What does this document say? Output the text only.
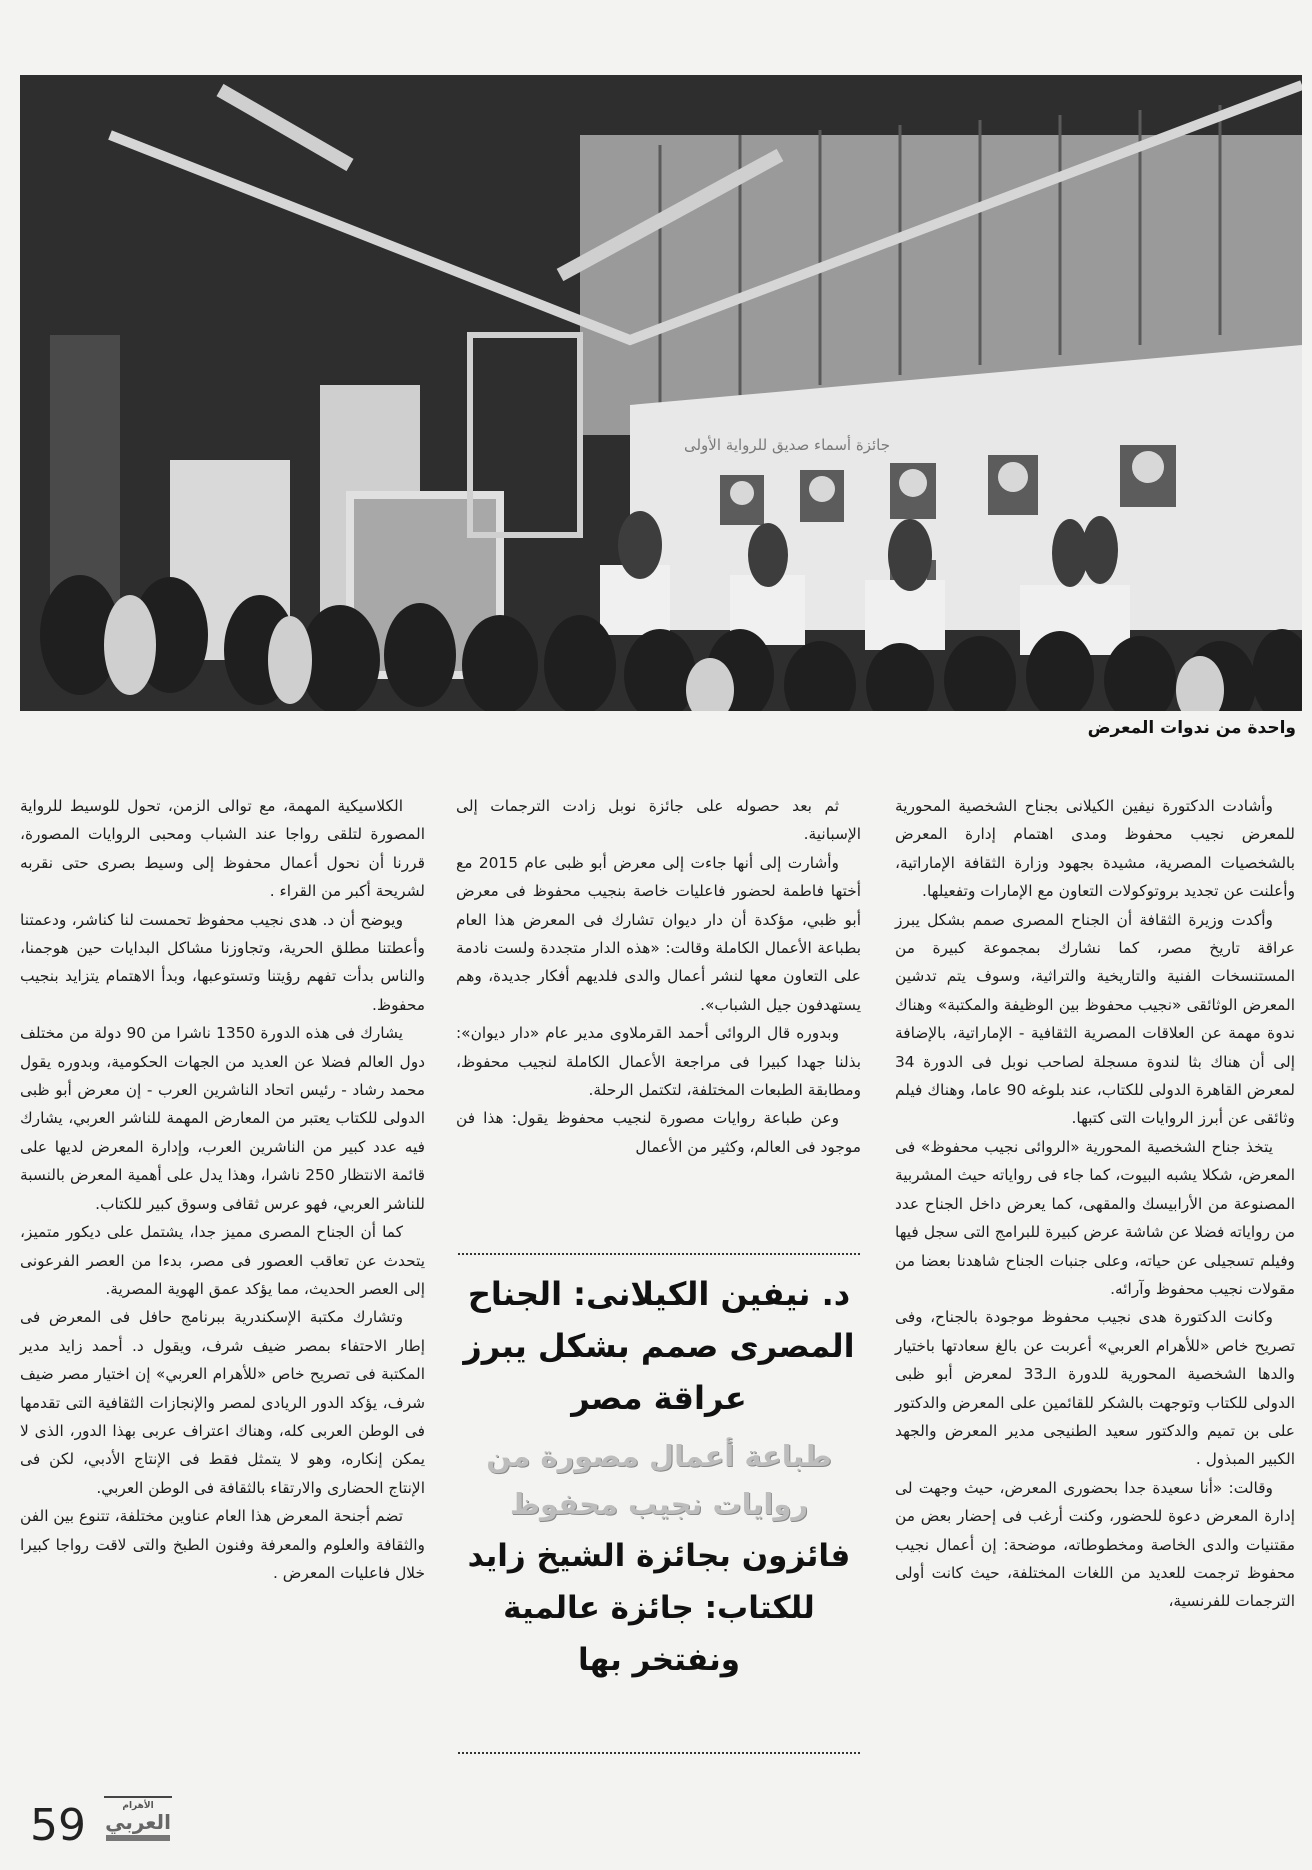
جائزة أسماء صديق للرواية الأولى
واحدة من ندوات المعرض

وأشادت الدكتورة نيفين الكيلانى بجناح الشخصية المحورية للمعرض نجيب محفوظ ومدى اهتمام إدارة المعرض بالشخصيات المصرية، مشيدة بجهود وزارة الثقافة الإماراتية، وأعلنت عن تجديد بروتوكولات التعاون مع الإمارات وتفعيلها.

وأكدت وزيرة الثقافة أن الجناح المصرى صمم بشكل يبرز عراقة تاريخ مصر، كما نشارك بمجموعة كبيرة من المستنسخات الفنية والتاريخية والتراثية، وسوف يتم تدشين المعرض الوثائقى «نجيب محفوظ بين الوظيفة والمكتبة» وهناك ندوة مهمة عن العلاقات المصرية الثقافية - الإماراتية، بالإضافة إلى أن هناك بثا لندوة مسجلة لصاحب نوبل فى الدورة 34 لمعرض القاهرة الدولى للكتاب، عند بلوغه 90 عاما، وهناك فيلم وثائقى عن أبرز الروايات التى كتبها.

يتخذ جناح الشخصية المحورية «الروائى نجيب محفوظ» فى المعرض، شكلا يشبه البيوت، كما جاء فى رواياته حيث المشربية المصنوعة من الأرابيسك والمقهى، كما يعرض داخل الجناح عدد من رواياته فضلا عن شاشة عرض كبيرة للبرامج التى سجل فيها وفيلم تسجيلى عن حياته، وعلى جنبات الجناح شاهدنا بعضا من مقولات نجيب محفوظ وآرائه.

وكانت الدكتورة هدى نجيب محفوظ موجودة بالجناح، وفى تصريح خاص «للأهرام العربي» أعربت عن بالغ سعادتها باختيار والدها الشخصية المحورية للدورة الـ33 لمعرض أبو ظبى الدولى للكتاب وتوجهت بالشكر للقائمين على المعرض والدكتور على بن تميم والدكتور سعيد الطنيجى مدير المعرض والجهد الكبير المبذول .

وقالت: «أنا سعيدة جدا بحضورى المعرض، حيث وجهت لى إدارة المعرض دعوة للحضور، وكنت أرغب فى إحضار بعض من مقتنيات والدى الخاصة ومخطوطاته، موضحة: إن أعمال نجيب محفوظ ترجمت للعديد من اللغات المختلفة، حيث كانت أولى الترجمات للفرنسية،

ثم بعد حصوله على جائزة نوبل زادت الترجمات إلى الإسبانية.

وأشارت إلى أنها جاءت إلى معرض أبو ظبى عام 2015 مع أختها فاطمة لحضور فاعليات خاصة بنجيب محفوظ فى معرض أبو ظبي، مؤكدة أن دار ديوان تشارك فى المعرض هذا العام بطباعة الأعمال الكاملة وقالت: «هذه الدار متجددة ولست نادمة على التعاون معها لنشر أعمال والدى فلديهم أفكار جديدة، وهم يستهدفون جيل الشباب».

وبدوره قال الروائى أحمد القرملاوى مدير عام «دار ديوان»: بذلنا جهدا كبيرا فى مراجعة الأعمال الكاملة لنجيب محفوظ، ومطابقة الطبعات المختلفة، لتكتمل الرحلة.

وعن طباعة روايات مصورة لنجيب محفوظ يقول: هذا فن موجود فى العالم، وكثير من الأعمال

د. نيفين الكيلانى: الجناح المصرى صمم بشكل يبرز عراقة مصر
طباعة أعمال مصورة من روايات نجيب محفوظ
فائزون بجائزة الشيخ زايد للكتاب: جائزة عالمية ونفتخر بها

الكلاسيكية المهمة، مع توالى الزمن، تحول للوسيط للرواية المصورة لتلقى رواجا عند الشباب ومحبى الروايات المصورة، قررنا أن نحول أعمال محفوظ إلى وسيط بصرى حتى نقربه لشريحة أكبر من القراء .

ويوضح أن د. هدى نجيب محفوظ تحمست لنا كناشر، ودعمتنا وأعطتنا مطلق الحرية، وتجاوزنا مشاكل البدايات حين هوجمنا، والناس بدأت تفهم رؤيتنا وتستوعبها، وبدأ الاهتمام يتزايد بنجيب محفوظ.

يشارك فى هذه الدورة 1350 ناشرا من 90 دولة من مختلف دول العالم فضلا عن العديد من الجهات الحكومية، وبدوره يقول محمد رشاد - رئيس اتحاد الناشرين العرب - إن معرض أبو ظبى الدولى للكتاب يعتبر من المعارض المهمة للناشر العربي، يشارك فيه عدد كبير من الناشرين العرب، وإدارة المعرض لديها على قائمة الانتظار 250 ناشرا، وهذا يدل على أهمية المعرض بالنسبة للناشر العربي، فهو عرس ثقافى وسوق كبير للكتاب.

كما أن الجناح المصرى مميز جدا، يشتمل على ديكور متميز، يتحدث عن تعاقب العصور فى مصر، بدءا من العصر الفرعونى إلى العصر الحديث، مما يؤكد عمق الهوية المصرية.

وتشارك مكتبة الإسكندرية ببرنامج حافل فى المعرض فى إطار الاحتفاء بمصر ضيف شرف، ويقول د. أحمد زايد مدير المكتبة فى تصريح خاص «للأهرام العربي» إن اختيار مصر ضيف شرف، يؤكد الدور الريادى لمصر والإنجازات الثقافية التى تقدمها فى الوطن العربى كله، وهناك اعتراف عربى بهذا الدور، الذى لا يمكن إنكاره، وهو لا يتمثل فقط فى الإنتاج الأدبي، لكن فى الإنتاج الحضارى والارتقاء بالثقافة فى الوطن العربي.

تضم أجنحة المعرض هذا العام عناوين مختلفة، تتنوع بين الفن والثقافة والعلوم والمعرفة وفنون الطبخ والتى لاقت رواجا كبيرا خلال فاعليات المعرض .

59	الأهرام
العربي
